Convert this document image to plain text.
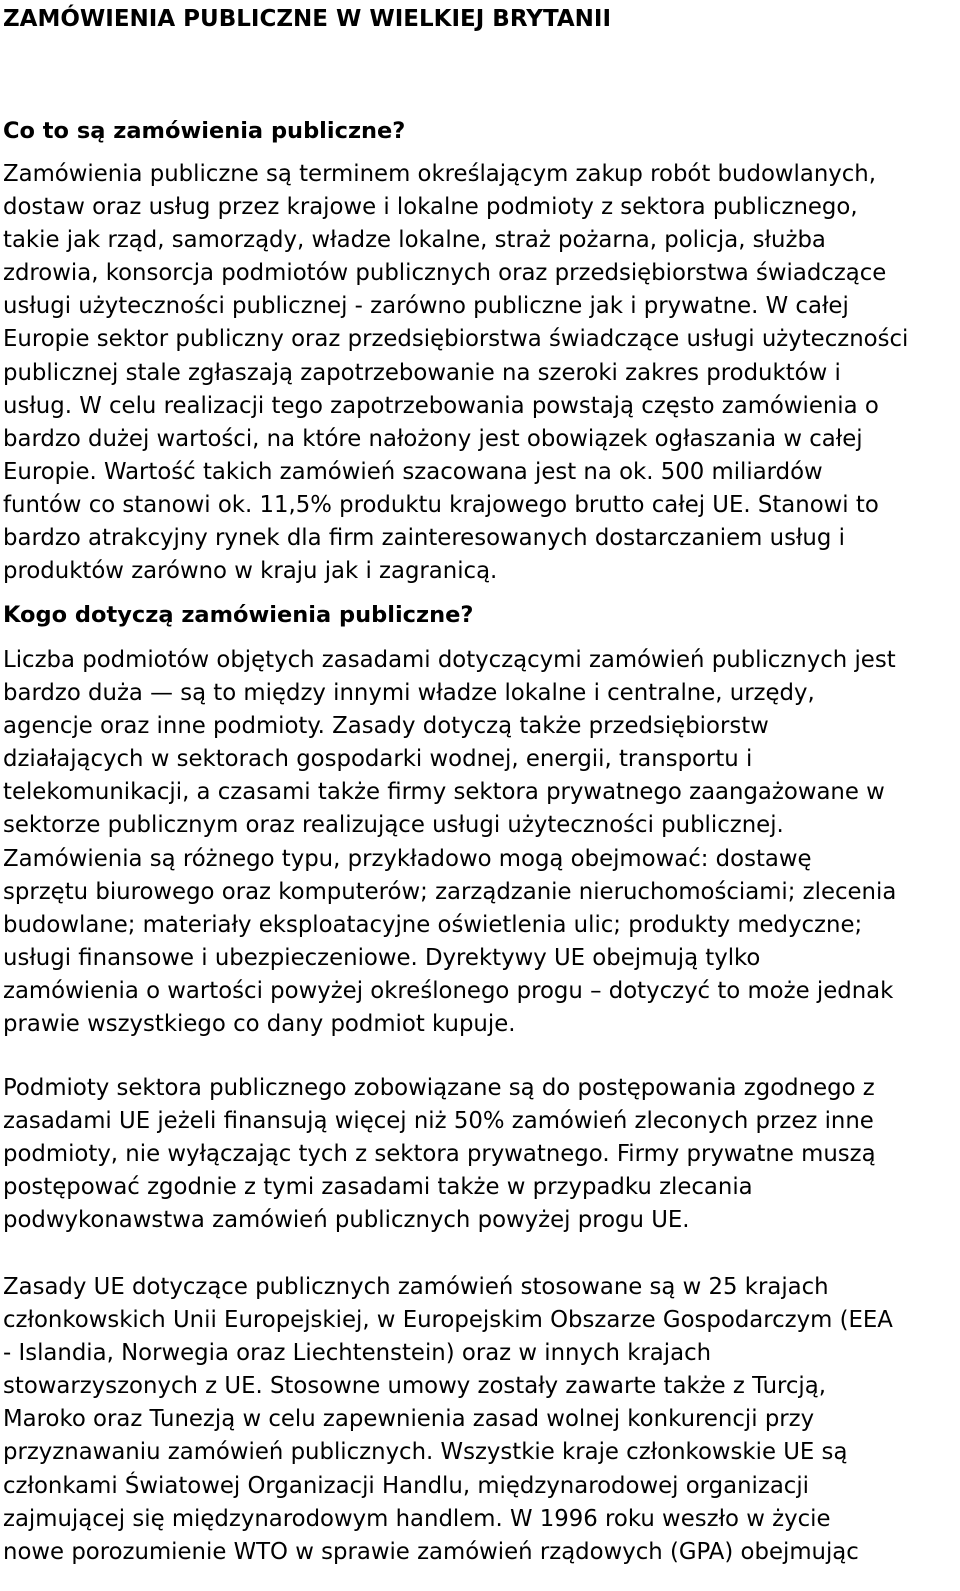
ZAMÓWIENIA PUBLICZNE W WIELKIEJ BRYTANII
Co to są zamówienia publiczne?

Zamówienia publiczne są terminem określającym zakup robót budowlanych,
dostaw oraz usług przez krajowe i lokalne podmioty z sektora publicznego,
takie jak rząd, samorządy, władze lokalne, straż pożarna, policja, służba
zdrowia, konsorcja podmiotów publicznych oraz przedsiębiorstwa świadczące
usługi użyteczności publicznej - zarówno publiczne jak i prywatne. W całej
Europie sektor publiczny oraz przedsiębiorstwa świadczące usługi użyteczności
publicznej stale zgłaszają zapotrzebowanie na szeroki zakres produktów i
usług. W celu realizacji tego zapotrzebowania powstają często zamówienia o
bardzo dużej wartości, na które nałożony jest obowiązek ogłaszania w całej
Europie. Wartość takich zamówień szacowana jest na ok. 500 miliardów
funtów co stanowi ok. 11,5% produktu krajowego brutto całej UE. Stanowi to
bardzo atrakcyjny rynek dla firm zainteresowanych dostarczaniem usług i
produktów zarówno w kraju jak i zagranicą.

Kogo dotyczą zamówienia publiczne?

Liczba podmiotów objętych zasadami dotyczącymi zamówień publicznych jest
bardzo duża — są to między innymi władze lokalne i centralne, urzędy,
agencje oraz inne podmioty. Zasady dotyczą także przedsiębiorstw
działających w sektorach gospodarki wodnej, energii, transportu i
telekomunikacji, a czasami także firmy sektora prywatnego zaangażowane w
sektorze publicznym oraz realizujące usługi użyteczności publicznej.
Zamówienia są różnego typu, przykładowo mogą obejmować: dostawę
sprzętu biurowego oraz komputerów; zarządzanie nieruchomościami; zlecenia
budowlane; materiały eksploatacyjne oświetlenia ulic; produkty medyczne;
usługi finansowe i ubezpieczeniowe. Dyrektywy UE obejmują tylko
zamówienia o wartości powyżej określonego progu – dotyczyć to może jednak
prawie wszystkiego co dany podmiot kupuje.

Podmioty sektora publicznego zobowiązane są do postępowania zgodnego z
zasadami UE jeżeli finansują więcej niż 50% zamówień zleconych przez inne
podmioty, nie wyłączając tych z sektora prywatnego. Firmy prywatne muszą
postępować zgodnie z tymi zasadami także w przypadku zlecania
podwykonawstwa zamówień publicznych powyżej progu UE.

Zasady UE dotyczące publicznych zamówień stosowane są w 25 krajach
członkowskich Unii Europejskiej, w Europejskim Obszarze Gospodarczym (EEA
- Islandia, Norwegia oraz Liechtenstein) oraz w innych krajach
stowarzyszonych z UE. Stosowne umowy zostały zawarte także z Turcją,
Maroko oraz Tunezją w celu zapewnienia zasad wolnej konkurencji przy
przyznawaniu zamówień publicznych. Wszystkie kraje członkowskie UE są
członkami Światowej Organizacji Handlu, międzynarodowej organizacji
zajmującej się międzynarodowym handlem. W 1996 roku weszło w życie
nowe porozumienie WTO w sprawie zamówień rządowych (GPA) obejmując
